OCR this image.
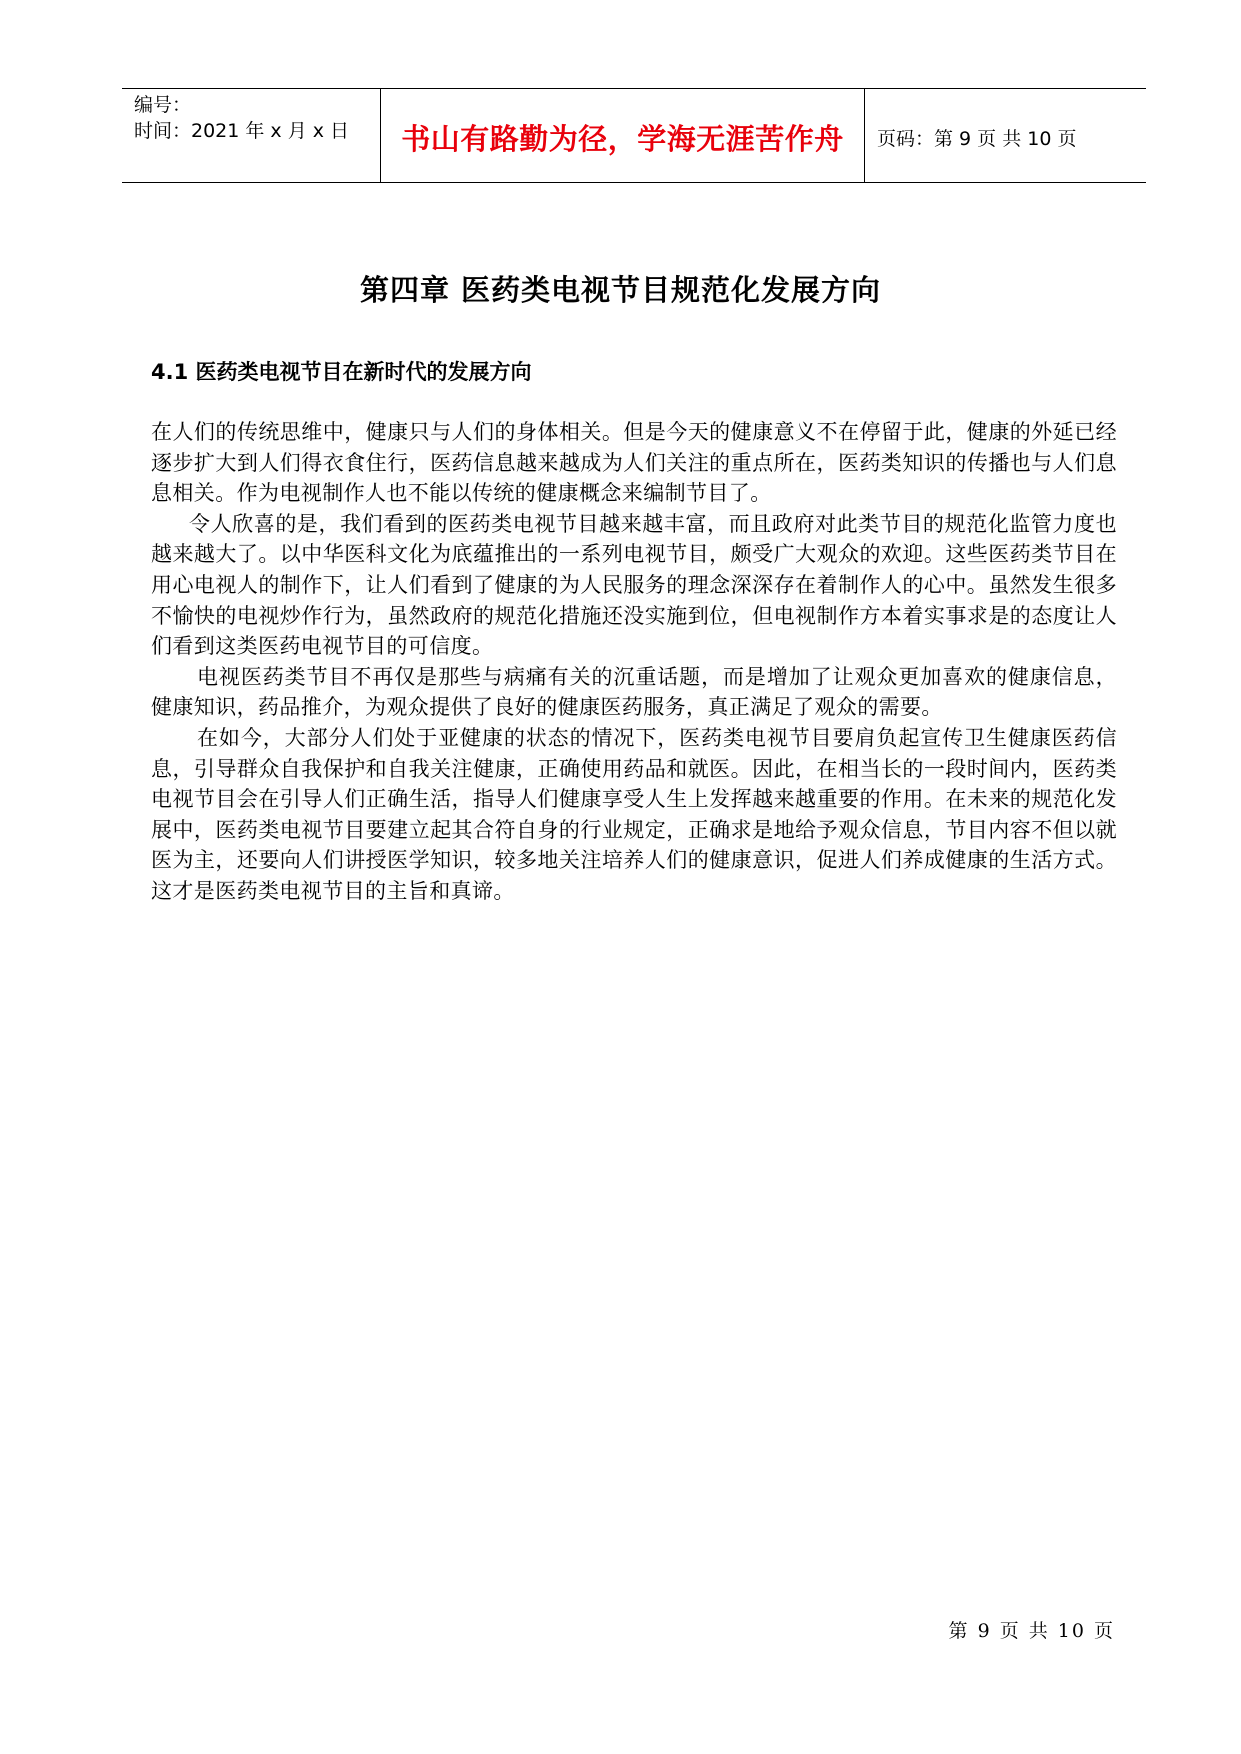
编号：
时间：2021 年 x 月 x 日	书山有路勤为径，学海无涯苦作舟	页码：第 9 页 共 10 页
第四章 医药类电视节目规范化发展方向
4.1 医药类电视节目在新时代的发展方向

在人们的传统思维中，健康只与人们的身体相关。但是今天的健康意义不在停留于此，健康的外延已经逐步扩大到人们得衣食住行，医药信息越来越成为人们关注的重点所在，医药类知识的传播也与人们息息相关。作为电视制作人也不能以传统的健康概念来编制节目了。

令人欣喜的是，我们看到的医药类电视节目越来越丰富，而且政府对此类节目的规范化监管力度也越来越大了。以中华医科文化为底蕴推出的一系列电视节目，颇受广大观众的欢迎。这些医药类节目在用心电视人的制作下，让人们看到了健康的为人民服务的理念深深存在着制作人的心中。虽然发生很多不愉快的电视炒作行为，虽然政府的规范化措施还没实施到位，但电视制作方本着实事求是的态度让人们看到这类医药电视节目的可信度。

电视医药类节目不再仅是那些与病痛有关的沉重话题，而是增加了让观众更加喜欢的健康信息，健康知识，药品推介，为观众提供了良好的健康医药服务，真正满足了观众的需要。

在如今，大部分人们处于亚健康的状态的情况下，医药类电视节目要肩负起宣传卫生健康医药信息，引导群众自我保护和自我关注健康，正确使用药品和就医。因此，在相当长的一段时间内，医药类电视节目会在引导人们正确生活，指导人们健康享受人生上发挥越来越重要的作用。在未来的规范化发展中，医药类电视节目要建立起其合符自身的行业规定，正确求是地给予观众信息，节目内容不但以就医为主，还要向人们讲授医学知识，较多地关注培养人们的健康意识，促进人们养成健康的生活方式。这才是医药类电视节目的主旨和真谛。

第 9 页 共 10 页
